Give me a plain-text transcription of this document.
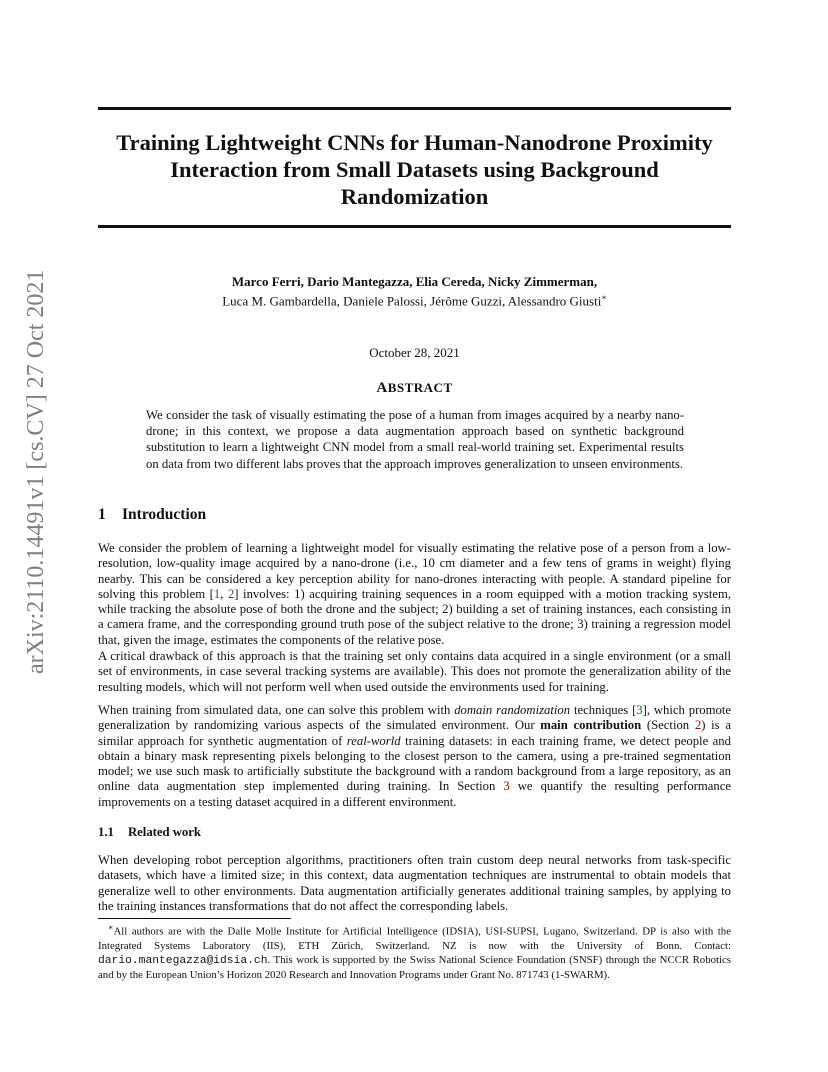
arXiv:2110.14491v1 [cs.CV] 27 Oct 2021
Training Lightweight CNNs for Human-Nanodrone Proximity Interaction from Small Datasets using Background Randomization
Marco Ferri, Dario Mantegazza, Elia Cereda, Nicky Zimmerman,
Luca M. Gambardella, Daniele Palossi, Jérôme Guzzi, Alessandro Giusti∗
October 28, 2021
ABSTRACT
We consider the task of visually estimating the pose of a human from images acquired by a nearby nano-drone; in this context, we propose a data augmentation approach based on synthetic background substitution to learn a lightweight CNN model from a small real-world training set. Experimental results on data from two different labs proves that the approach improves generalization to unseen environments.
1 Introduction
We consider the problem of learning a lightweight model for visually estimating the relative pose of a person from a low-resolution, low-quality image acquired by a nano-drone (i.e., 10 cm diameter and a few tens of grams in weight) flying nearby. This can be considered a key perception ability for nano-drones interacting with people. A standard pipeline for solving this problem [1, 2] involves: 1) acquiring training sequences in a room equipped with a motion tracking system, while tracking the absolute pose of both the drone and the subject; 2) building a set of training instances, each consisting in a camera frame, and the corresponding ground truth pose of the subject relative to the drone; 3) training a regression model that, given the image, estimates the components of the relative pose.
A critical drawback of this approach is that the training set only contains data acquired in a single environment (or a small set of environments, in case several tracking systems are available). This does not promote the generalization ability of the resulting models, which will not perform well when used outside the environments used for training.
When training from simulated data, one can solve this problem with domain randomization techniques [3], which promote generalization by randomizing various aspects of the simulated environment. Our main contribution (Section 2) is a similar approach for synthetic augmentation of real-world training datasets: in each training frame, we detect people and obtain a binary mask representing pixels belonging to the closest person to the camera, using a pre-trained segmentation model; we use such mask to artificially substitute the background with a random background from a large repository, as an online data augmentation step implemented during training. In Section 3 we quantify the resulting performance improvements on a testing dataset acquired in a different environment.
1.1 Related work
When developing robot perception algorithms, practitioners often train custom deep neural networks from task-specific datasets, which have a limited size; in this context, data augmentation techniques are instrumental to obtain models that generalize well to other environments. Data augmentation artificially generates additional training samples, by applying to the training instances transformations that do not affect the corresponding labels.
∗All authors are with the Dalle Molle Institute for Artificial Intelligence (IDSIA), USI-SUPSI, Lugano, Switzerland. DP is also with the Integrated Systems Laboratory (IIS), ETH Zürich, Switzerland. NZ is now with the University of Bonn. Contact: dario.mantegazza@idsia.ch. This work is supported by the Swiss National Science Foundation (SNSF) through the NCCR Robotics and by the European Union’s Horizon 2020 Research and Innovation Programs under Grant No. 871743 (1-SWARM).
